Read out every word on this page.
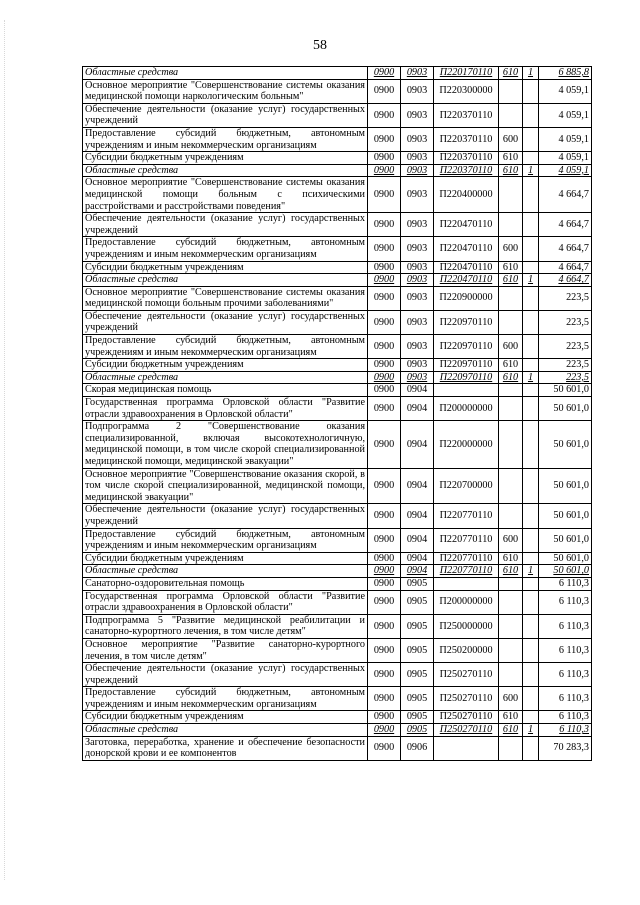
58
Областные средства	0900	0903	П220170110	610	1	6 885,8
Основное мероприятие "Совершенствование системы оказания медицинской помощи наркологическим больным"	0900	0903	П220300000			4 059,1
Обеспечение деятельности (оказание услуг) государственных учреждений	0900	0903	П220370110			4 059,1
Предоставление субсидий бюджетным, автономным учреждениям и иным некоммерческим организациям	0900	0903	П220370110	600		4 059,1
Субсидии бюджетным учреждениям	0900	0903	П220370110	610		4 059,1
Областные средства	0900	0903	П220370110	610	1	4 059,1
Основное мероприятие "Совершенствование системы оказания медицинской помощи больным с психическими расстройствами и расстройствами поведения"	0900	0903	П220400000			4 664,7
Обеспечение деятельности (оказание услуг) государственных учреждений	0900	0903	П220470110			4 664,7
Предоставление субсидий бюджетным, автономным учреждениям и иным некоммерческим организациям	0900	0903	П220470110	600		4 664,7
Субсидии бюджетным учреждениям	0900	0903	П220470110	610		4 664,7
Областные средства	0900	0903	П220470110	610	1	4 664,7
Основное мероприятие "Совершенствование системы оказания медицинской помощи больным прочими заболеваниями"	0900	0903	П220900000			223,5
Обеспечение деятельности (оказание услуг) государственных учреждений	0900	0903	П220970110			223,5
Предоставление субсидий бюджетным, автономным учреждениям и иным некоммерческим организациям	0900	0903	П220970110	600		223,5
Субсидии бюджетным учреждениям	0900	0903	П220970110	610		223,5
Областные средства	0900	0903	П220970110	610	1	223,5
Скорая медицинская помощь	0900	0904				50 601,0
Государственная программа Орловской области "Развитие отрасли здравоохранения в Орловской области"	0900	0904	П200000000			50 601,0
Подпрограмма 2 "Совершенствование оказания специализированной, включая высокотехнологичную, медицинской помощи, в том числе скорой специализированной медицинской помощи, медицинской эвакуации"	0900	0904	П220000000			50 601,0
Основное мероприятие "Совершенствование оказания скорой, в том числе скорой специализированной, медицинской помощи, медицинской эвакуации"	0900	0904	П220700000			50 601,0
Обеспечение деятельности (оказание услуг) государственных учреждений	0900	0904	П220770110			50 601,0
Предоставление субсидий бюджетным, автономным учреждениям и иным некоммерческим организациям	0900	0904	П220770110	600		50 601,0
Субсидии бюджетным учреждениям	0900	0904	П220770110	610		50 601,0
Областные средства	0900	0904	П220770110	610	1	50 601,0
Санаторно-оздоровительная помощь	0900	0905				6 110,3
Государственная программа Орловской области "Развитие отрасли здравоохранения в Орловской области"	0900	0905	П200000000			6 110,3
Подпрограмма 5 "Развитие медицинской реабилитации и санаторно-курортного лечения, в том числе детям"	0900	0905	П250000000			6 110,3
Основное мероприятие "Развитие санаторно-курортного лечения, в том числе детям"	0900	0905	П250200000			6 110,3
Обеспечение деятельности (оказание услуг) государственных учреждений	0900	0905	П250270110			6 110,3
Предоставление субсидий бюджетным, автономным учреждениям и иным некоммерческим организациям	0900	0905	П250270110	600		6 110,3
Субсидии бюджетным учреждениям	0900	0905	П250270110	610		6 110,3
Областные средства	0900	0905	П250270110	610	1	6 110,3
Заготовка, переработка, хранение и обеспечение безопасности донорской крови и ее компонентов	0900	0906				70 283,3
